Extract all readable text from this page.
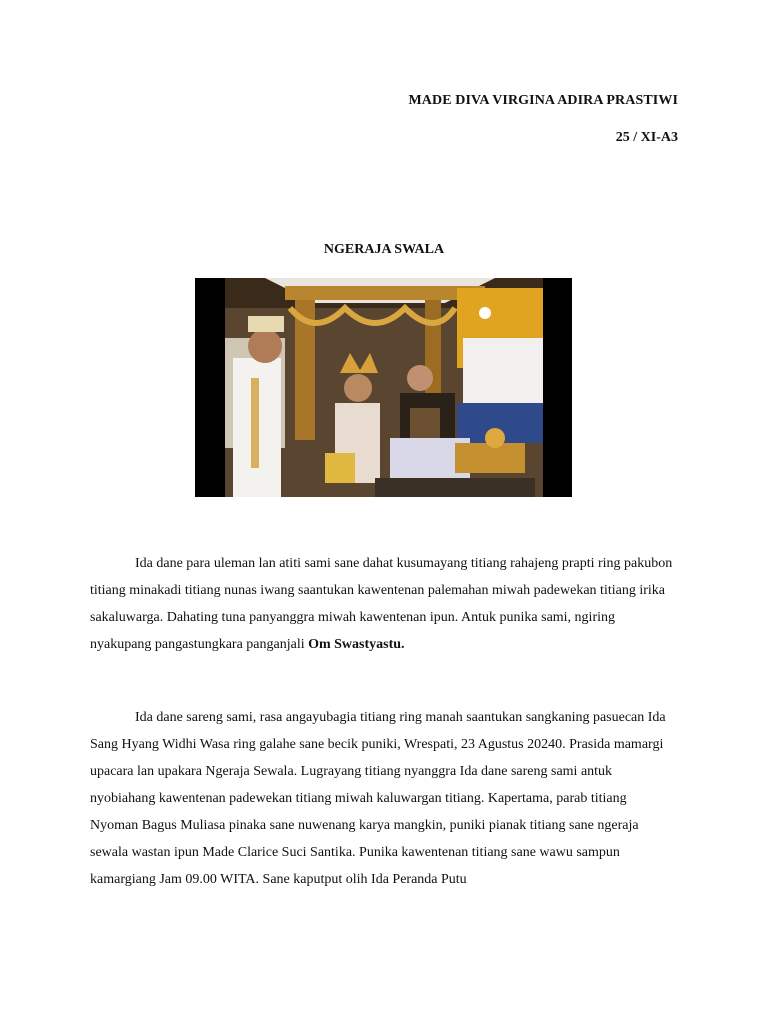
MADE DIVA VIRGINA ADIRA PRASTIWI
25 / XI-A3
NGERAJA SWALA

Ida dane para uleman lan atiti sami sane dahat kusumayang titiang rahajeng prapti ring pakubon titiang minakadi titiang nunas iwang saantukan kawentenan palemahan miwah padewekan titiang irika sakaluwarga. Dahating tuna panyanggra miwah kawentenan ipun. Antuk punika sami, ngiring nyakupang pangastungkara panganjali Om Swastyastu.

Ida dane sareng sami, rasa angayubagia titiang ring manah saantukan sangkaning pasuecan Ida Sang Hyang Widhi Wasa ring galahe sane becik puniki, Wrespati, 23 Agustus 20240. Prasida mamargi upacara lan upakara Ngeraja Sewala. Lugrayang titiang nyanggra Ida dane sareng sami antuk nyobiahang kawentenan padewekan titiang miwah kaluwargan titiang. Kapertama, parab titiang Nyoman Bagus Muliasa pinaka sane nuwenang karya mangkin, puniki pianak titiang sane ngeraja sewala wastan ipun Made Clarice Suci Santika. Punika kawentenan titiang sane wawu sampun kamargiang Jam 09.00 WITA. Sane kaputput olih Ida Peranda Putu
